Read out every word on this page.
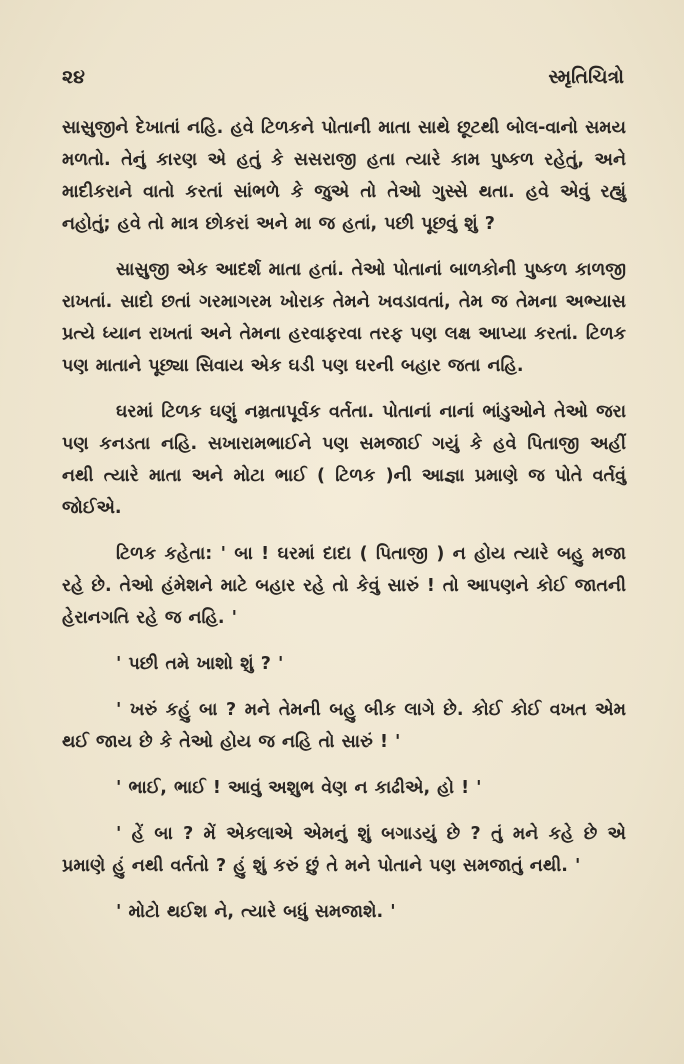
૨૪	સ્મૃતિચિત્રો

સાસુજીને દેખાતાં નહિ. હવે ટિળકને પોતાની માતા સાથે છૂટથી બોલ-વાનો સમય મળતો. તેનું કારણ એ હતું કે સસરાજી હતા ત્યારે કામ પુષ્કળ રહેતું, અને માદીકરાને વાતો કરતાં સાંભળે કે જુએ તો તેઓ ગુસ્સે થતા. હવે એવું રહ્યું નહોતું; હવે તો માત્ર છોકરાં અને મા જ હતાં, પછી પૂછવું શું ?

સાસુજી એક આદર્શ માતા હતાં. તેઓ પોતાનાં બાળકોની પુષ્કળ કાળજી રાખતાં. સાદો છતાં ગરમાગરમ ખોરાક તેમને ખવડાવતાં, તેમ જ તેમના અભ્યાસ પ્રત્યે ધ્યાન રાખતાં અને તેમના હરવાફરવા તરફ પણ લક્ષ આપ્યા કરતાં. ટિળક પણ માતાને પૂછ્યા સિવાય એક ઘડી પણ ઘરની બહાર જતા નહિ.

ઘરમાં ટિળક ઘણું નમ્રતાપૂર્વક વર્તતા. પોતાનાં નાનાં ભાંડુઓને તેઓ જરા પણ કનડતા નહિ. સખારામભાઈને પણ સમજાઈ ગયું કે હવે પિતાજી અહીં નથી ત્યારે માતા અને મોટા ભાઈ ( ટિળક )ની આજ્ઞા પ્રમાણે જ પોતે વર્તવું જોઈએ.

ટિળક કહેતા: ' બા ! ઘરમાં દાદા ( પિતાજી ) ન હોય ત્યારે બહુ મજા રહે છે. તેઓ હંમેશને માટે બહાર રહે તો કેવું સારું ! તો આપણને કોઈ જાતની હેરાનગતિ રહે જ નહિ. '

' પછી તમે ખાશો શું ? '

' ખરું કહું બા ? મને તેમની બહુ બીક લાગે છે. કોઈ કોઈ વખત એમ થઈ જાય છે કે તેઓ હોય જ નહિ તો સારું ! '

' ભાઈ, ભાઈ ! આવું અશુભ વેણ ન કાઢીએ, હો ! '

' હેં બા ? મેં એકલાએ એમનું શું બગાડયું છે ? તું મને કહે છે એ પ્રમાણે હું નથી વર્તતો ? હું શું કરું છું તે મને પોતાને પણ સમજાતું નથી. '

' મોટો થઈશ ને, ત્યારે બધું સમજાશે. '
